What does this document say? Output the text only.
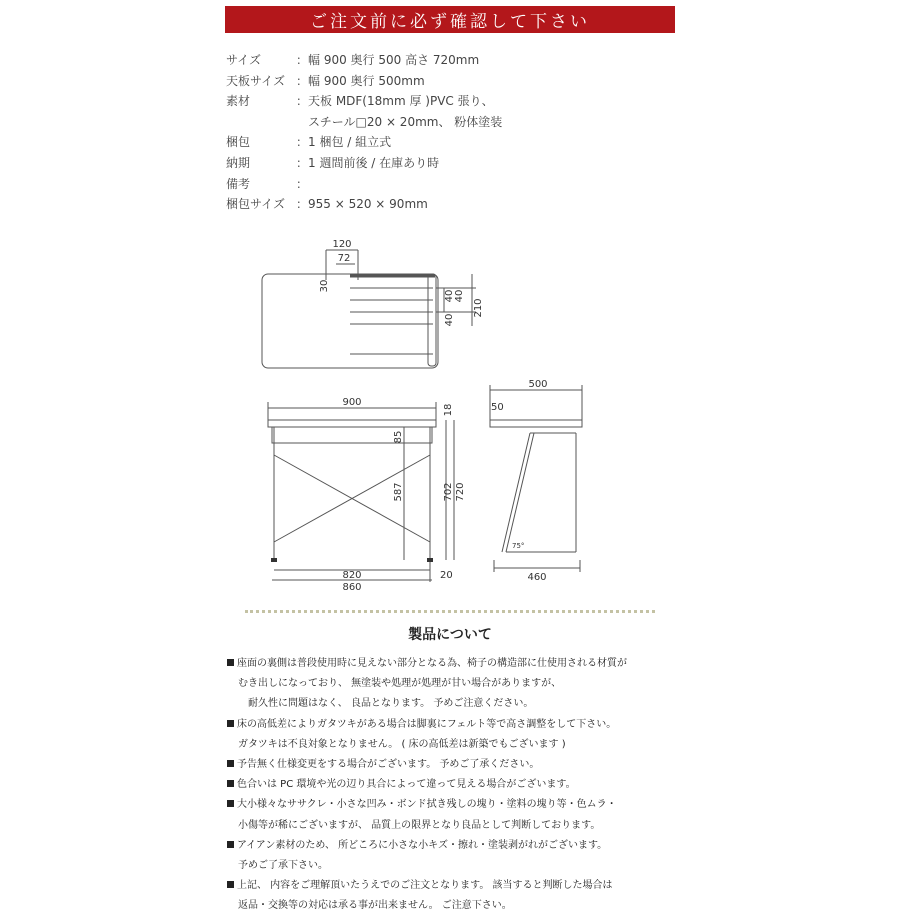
ご注文前に必ず確認して下さい
サイズ	：幅 900 奥行 500 高さ 720mm
天板サイズ ：幅 900 奥行 500mm
素材	：天板 MDF(18mm 厚 )PVC 張り、
　スチール□20 × 20mm、 粉体塗装
梱包	：1 梱包 / 組立式
納期	：1 週間前後 / 在庫あり時
備考	：
梱包サイズ ：955 × 520 × 90mm
120
72
30
40 40
40
210
900
18
85
587	702 720
820	20
860
500
50
460
75°
製品について
座面の裏側は普段使用時に見えない部分となる為、椅子の構造部に仕使用される材質が
むき出しになっており、 無塗装や処理が処理が甘い場合がありますが、
　耐久性に問題はなく、 良品となります。 予めご注意ください。
床の高低差によりガタツキがある場合は脚裏にフェルト等で高さ調整をして下さい。
ガタツキは不良対象となりません。 ( 床の高低差は新築でもございます )
予告無く仕様変更をする場合がございます。 予めご了承ください。
色合いは PC 環境や光の辺り具合によって違って見える場合がございます。
大小様々なササクレ・小さな凹み・ボンド拭き残しの塊り・塗料の塊り等・色ムラ・
小傷等が稀にございますが、 品質上の限界となり良品として判断しております。
アイアン素材のため、 所どころに小さな小キズ・擦れ・塗装剥がれがございます。
予めご了承下さい。
上記、 内容をご理解頂いたうえでのご注文となります。 該当すると判断した場合は
返品・交換等の対応は承る事が出来ません。 ご注意下さい。
